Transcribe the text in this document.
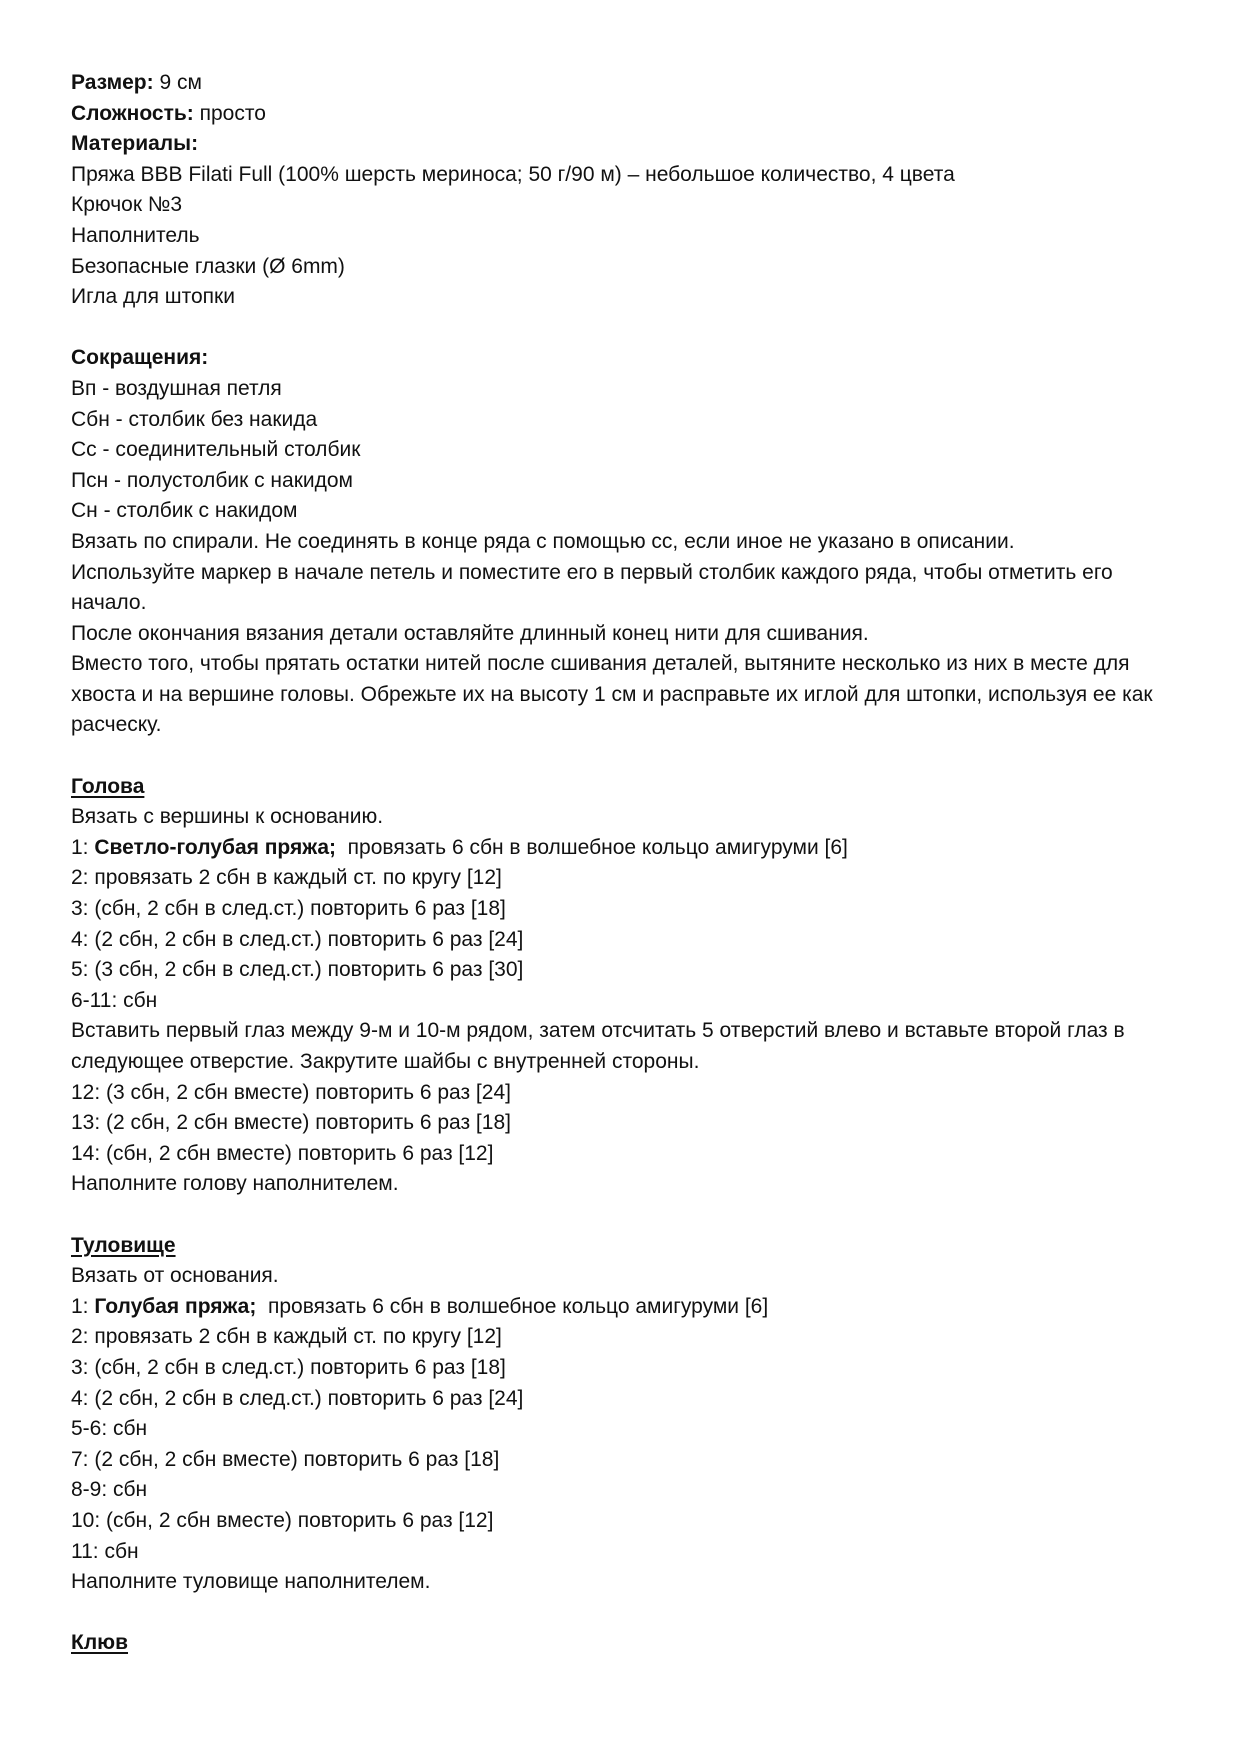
Размер: 9 см
Сложность: просто
Материалы:
Пряжа BBB Filati Full (100% шерсть мериноса; 50 г/90 м) – небольшое количество, 4 цвета
Крючок №3
Наполнитель
Безопасные глазки (Ø 6mm)
Игла для штопки
Сокращения:
Вп - воздушная петля
Сбн - столбик без накида
Сс - соединительный столбик
Псн - полустолбик с накидом
Сн - столбик с накидом
Вязать по спирали. Не соединять в конце ряда с помощью сс, если иное не указано в описании.
Используйте маркер в начале петель и поместите его в первый столбик каждого ряда, чтобы отметить его начало.
После окончания вязания детали оставляйте длинный конец нити для сшивания.
Вместо того, чтобы прятать остатки нитей после сшивания деталей, вытяните несколько из них в месте для хвоста и на вершине головы. Обрежьте их на высоту 1 см и расправьте их иглой для штопки, используя ее как расческу.
Голова
Вязать с вершины к основанию.
1: Светло-голубая пряжа;  провязать 6 сбн в волшебное кольцо амигуруми [6]
2: провязать 2 сбн в каждый ст. по кругу [12]
3: (сбн, 2 сбн в след.ст.) повторить 6 раз [18]
4: (2 сбн, 2 сбн в след.ст.) повторить 6 раз [24]
5: (3 сбн, 2 сбн в след.ст.) повторить 6 раз [30]
6-11: сбн
Вставить первый глаз между 9-м и 10-м рядом, затем отсчитать 5 отверстий влево и вставьте второй глаз в следующее отверстие. Закрутите шайбы с внутренней стороны.
12: (3 сбн, 2 сбн вместе) повторить 6 раз [24]
13: (2 сбн, 2 сбн вместе) повторить 6 раз [18]
14: (сбн, 2 сбн вместе) повторить 6 раз [12]
Наполните голову наполнителем.
Туловище
Вязать от основания.
1: Голубая пряжа;  провязать 6 сбн в волшебное кольцо амигуруми [6]
2: провязать 2 сбн в каждый ст. по кругу [12]
3: (сбн, 2 сбн в след.ст.) повторить 6 раз [18]
4: (2 сбн, 2 сбн в след.ст.) повторить 6 раз [24]
5-6: сбн
7: (2 сбн, 2 сбн вместе) повторить 6 раз [18]
8-9: сбн
10: (сбн, 2 сбн вместе) повторить 6 раз [12]
11: сбн
Наполните туловище наполнителем.
Клюв
